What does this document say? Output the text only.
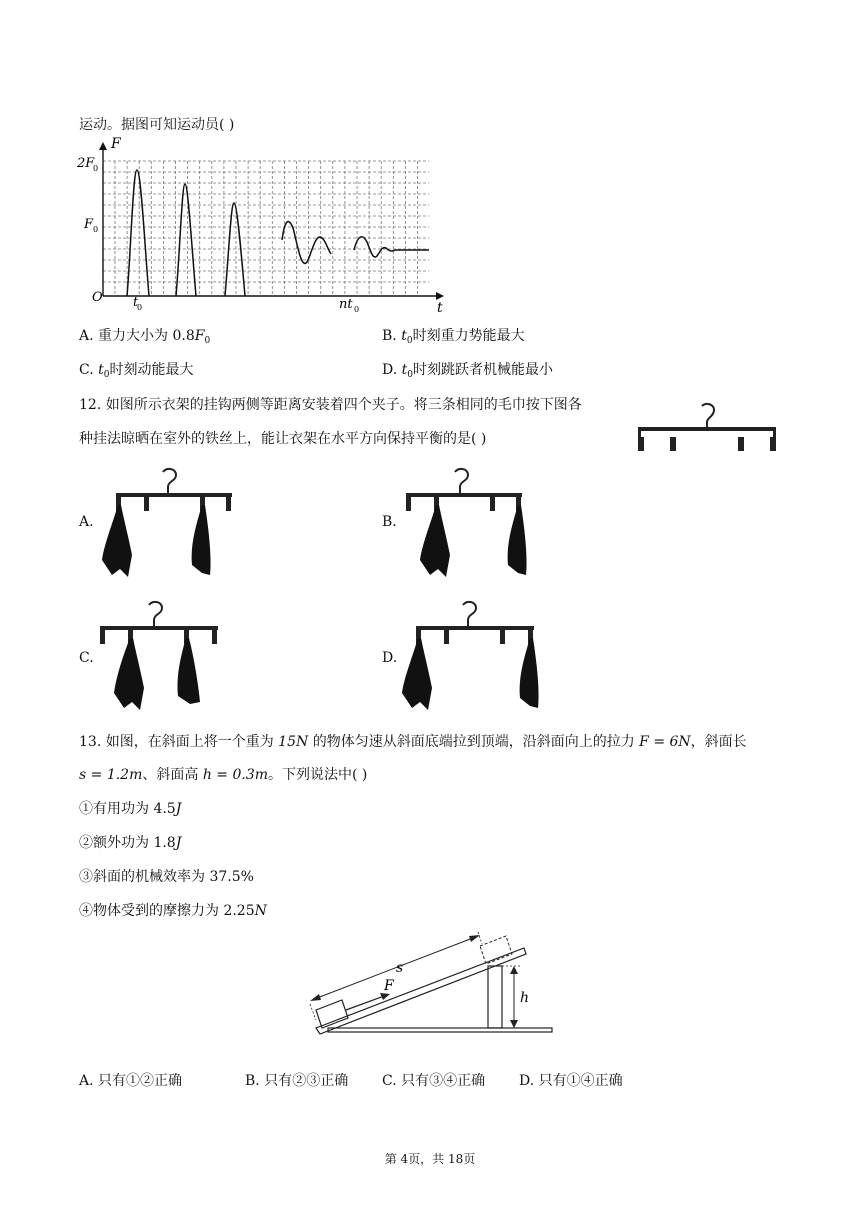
运动。据图可知运动员( )
F
t
O
2F
0
F 0
t
0	nt 0
A. 重力大小为 $0.8F_0$	B. $t_0$时刻重力势能最大
C. $t_0$时刻动能最大	D. $t_0$时刻跳跃者机械能最小
12. 如图所示衣架的挂钩两侧等距离安装着四个夹子。将三条相同的毛巾按下图各
种挂法晾晒在室外的铁丝上，能让衣架在水平方向保持平衡的是( )
A.	B.
C.	D.
13. 如图，在斜面上将一个重为 15N 的物体匀速从斜面底端拉到顶端，沿斜面向上的拉力 F = 6N，斜面长
s = 1.2m、斜面高 h = 0.3m。下列说法中( )
①有用功为 4.5J
②额外功为 1.8J
③斜面的机械效率为 37.5%
④物体受到的摩擦力为 2.25N
s
F
h
A. 只有①②正确	B. 只有②③正确 C. 只有③④正确 D. 只有①④正确
第 4页，共 18页
